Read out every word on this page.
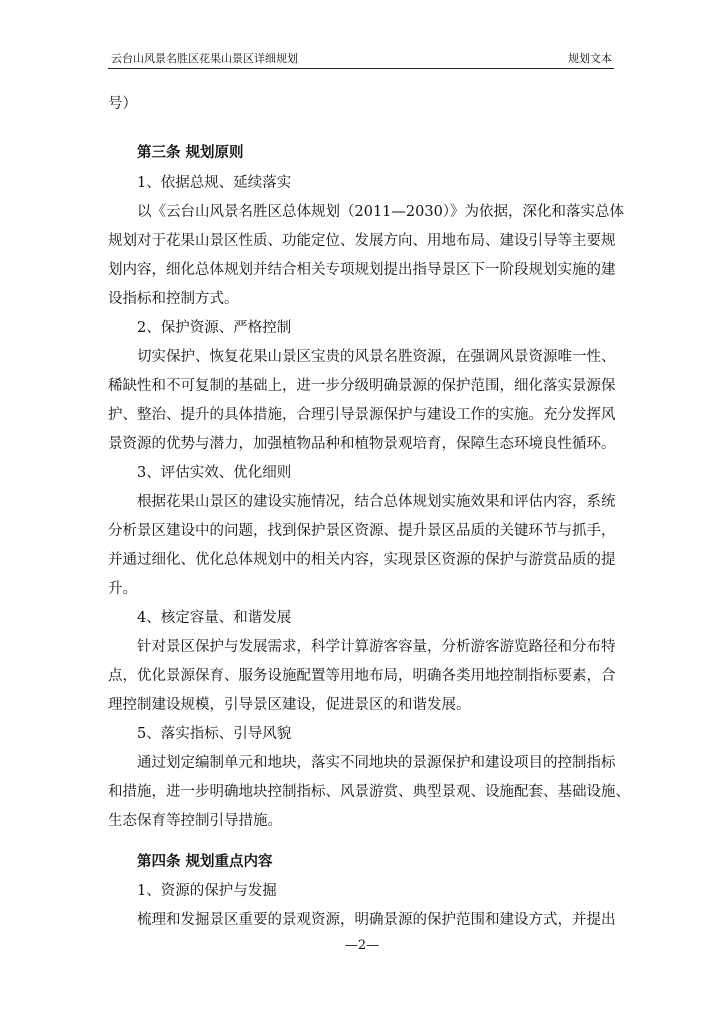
云台山风景名胜区花果山景区详细规划	规划文本
号）
第三条 规划原则
1、依据总规、延续落实
以《云台山风景名胜区总体规划（2011—2030）》为依据，深化和落实总体
规划对于花果山景区性质、功能定位、发展方向、用地布局、建设引导等主要规
划内容，细化总体规划并结合相关专项规划提出指导景区下一阶段规划实施的建
设指标和控制方式。
2、保护资源、严格控制
切实保护、恢复花果山景区宝贵的风景名胜资源，在强调风景资源唯一性、
稀缺性和不可复制的基础上，进一步分级明确景源的保护范围，细化落实景源保
护、整治、提升的具体措施，合理引导景源保护与建设工作的实施。充分发挥风
景资源的优势与潜力，加强植物品种和植物景观培育，保障生态环境良性循环。
3、评估实效、优化细则
根据花果山景区的建设实施情况，结合总体规划实施效果和评估内容，系统
分析景区建设中的问题，找到保护景区资源、提升景区品质的关键环节与抓手，
并通过细化、优化总体规划中的相关内容，实现景区资源的保护与游赏品质的提
升。
4、核定容量、和谐发展
针对景区保护与发展需求，科学计算游客容量，分析游客游览路径和分布特
点，优化景源保育、服务设施配置等用地布局，明确各类用地控制指标要素，合
理控制建设规模，引导景区建设，促进景区的和谐发展。
5、落实指标、引导风貌
通过划定编制单元和地块，落实不同地块的景源保护和建设项目的控制指标
和措施，进一步明确地块控制指标、风景游赏、典型景观、设施配套、基础设施、
生态保育等控制引导措施。
第四条 规划重点内容
1、资源的保护与发掘
梳理和发掘景区重要的景观资源，明确景源的保护范围和建设方式，并提出
—2—
